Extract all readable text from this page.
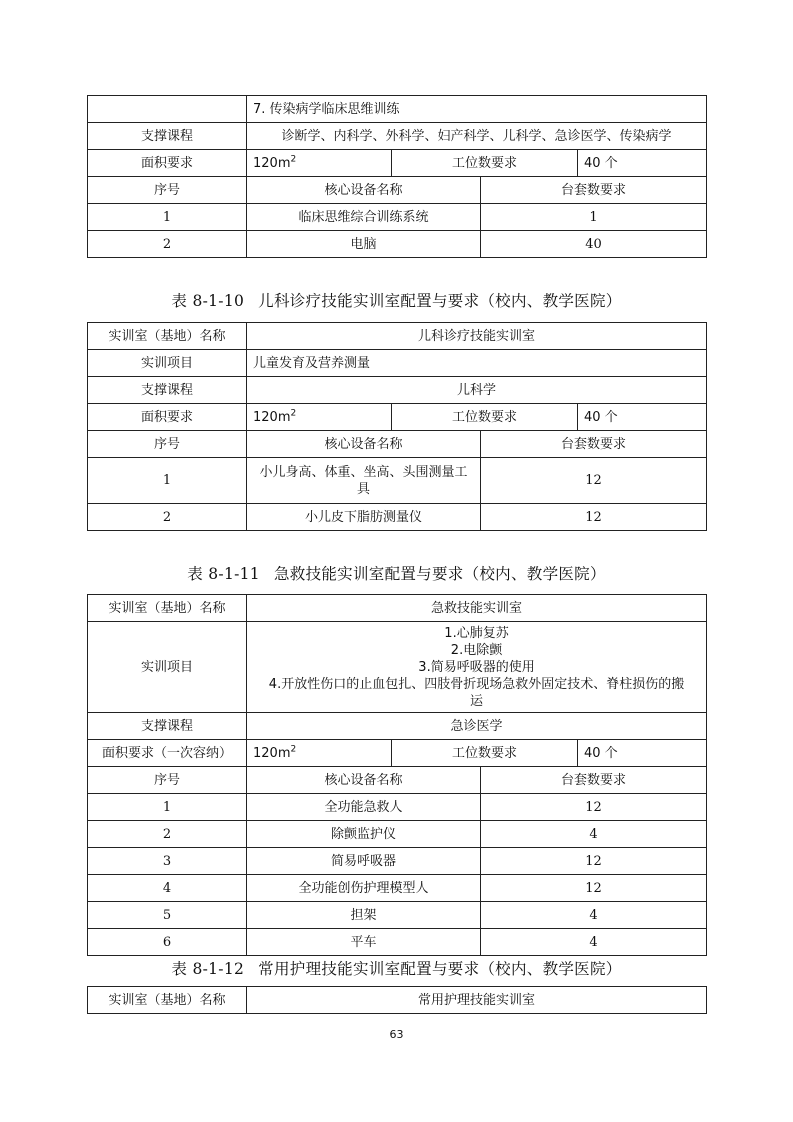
	7. 传染病学临床思维训练			
支撑课程	诊断学、内科学、外科学、妇产科学、儿科学、急诊医学、传染病学			
面积要求	$120m^2$	工位数要求		40 个
序号	核心设备名称		台套数要求	
1	临床思维综合训练系统		1	
2	电脑		40	
表 8-1-10 儿科诊疗技能实训室配置与要求（校内、教学医院）
实训室（基地）名称	儿科诊疗技能实训室			
实训项目	儿童发育及营养测量			
支撑课程	儿科学			
面积要求	$120m^2$	工位数要求		40 个
序号	核心设备名称		台套数要求	
1	小儿身高、体重、坐高、头围测量工
具		12	
2	小儿皮下脂肪测量仪		12	
表 8-1-11 急救技能实训室配置与要求（校内、教学医院）
实训室（基地）名称	急救技能实训室			
实训项目	1.心肺复苏
2.电除颤
3.简易呼吸器的使用
4.开放性伤口的止血包扎、四肢骨折现场急救外固定技术、脊柱损伤的搬
运			

支撑课程	急诊医学			
面积要求（一次容纳）	$120m^2$	工位数要求		40 个
序号	核心设备名称		台套数要求	
1	全功能急救人		12	
2	除颤监护仪		4	
3	简易呼吸器		12	
4	全功能创伤护理模型人		12	
5	担架		4	
6	平车		4	
表 8-1-12 常用护理技能实训室配置与要求（校内、教学医院）
实训室（基地）名称	常用护理技能实训室
63
